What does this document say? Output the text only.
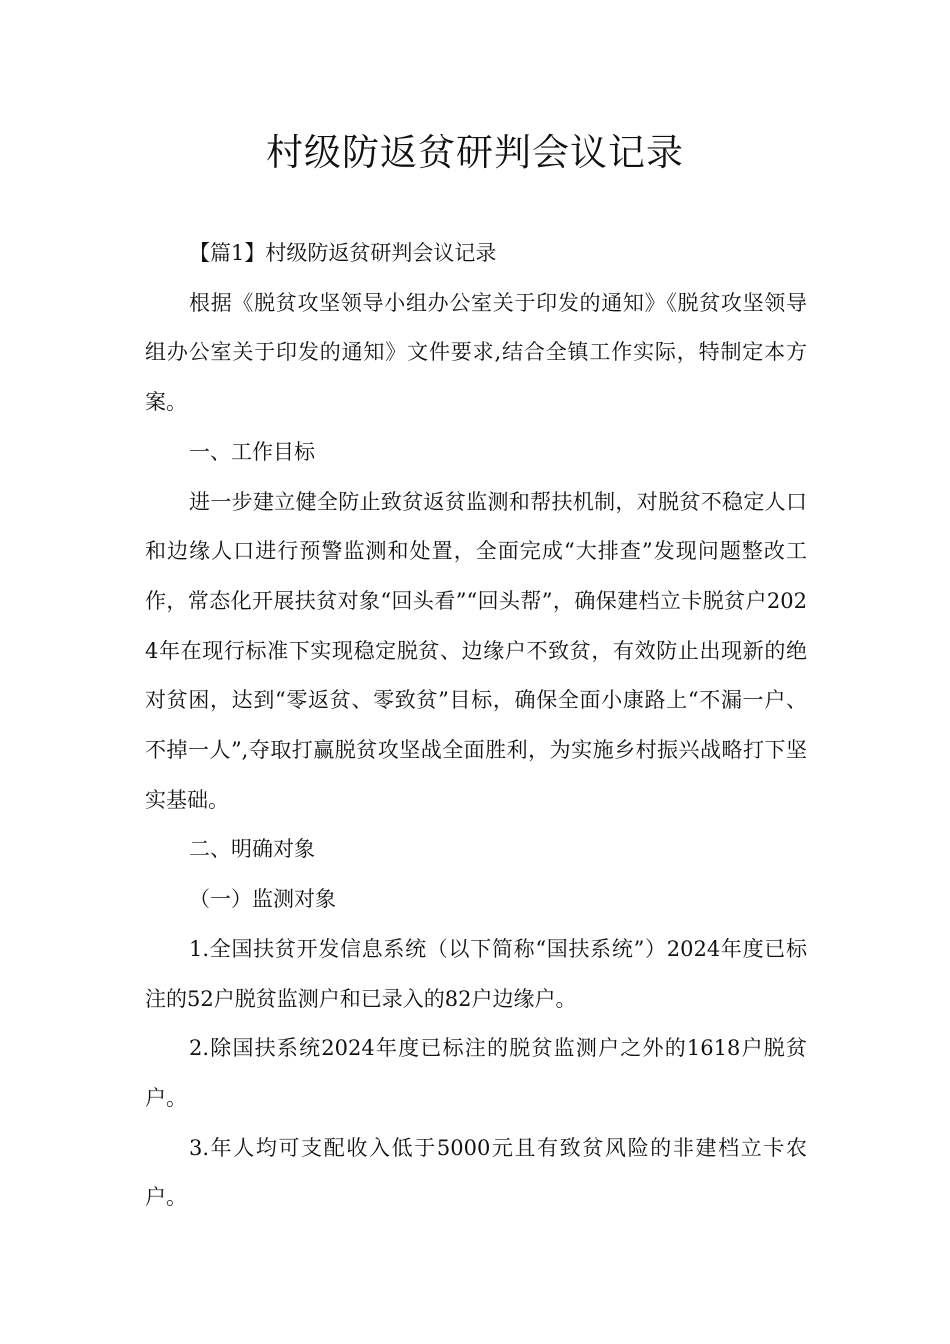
村级防返贫研判会议记录

【篇1】村级防返贫研判会议记录

根据《脱贫攻坚领导小组办公室关于印发的通知》《脱贫攻坚领导组办公室关于印发的通知》文件要求,结合全镇工作实际，特制定本方案。

一、工作目标

进一步建立健全防止致贫返贫监测和帮扶机制，对脱贫不稳定人口和边缘人口进行预警监测和处置，全面完成“大排查”发现问题整改工作，常态化开展扶贫对象“回头看”“回头帮”，确保建档立卡脱贫户2024年在现行标准下实现稳定脱贫、边缘户不致贫，有效防止出现新的绝对贫困，达到“零返贫、零致贫”目标，确保全面小康路上“不漏一户、不掉一人”,夺取打赢脱贫攻坚战全面胜利，为实施乡村振兴战略打下坚实基础。

二、明确对象

（一）监测对象

1.全国扶贫开发信息系统（以下简称“国扶系统”）2024年度已标注的52户脱贫监测户和已录入的82户边缘户。

2.除国扶系统2024年度已标注的脱贫监测户之外的1618户脱贫户。

3.年人均可支配收入低于5000元且有致贫风险的非建档立卡农户。
